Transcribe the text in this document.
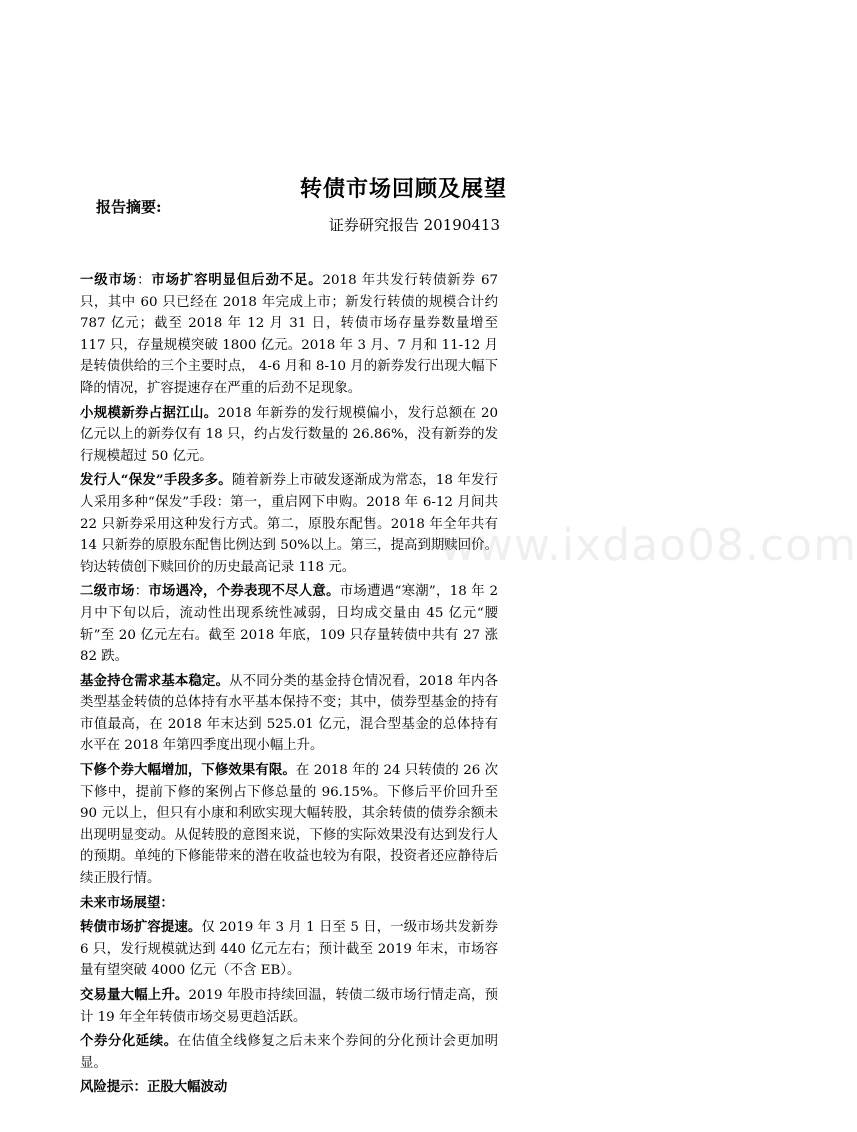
转债市场回顾及展望
报告摘要:
证券研究报告 20190413
www.ixdao08.com

一级市场：市场扩容明显但后劲不足。2018 年共发行转债新券 67 只，其中 60 只已经在 2018 年完成上市；新发行转债的规模合计约 787 亿元；截至 2018 年 12 月 31 日，转债市场存量券数量增至 117 只，存量规模突破 1800 亿元。2018 年 3 月、7 月和 11-12 月是转债供给的三个主要时点， 4-6 月和 8-10 月的新券发行出现大幅下降的情况，扩容提速存在严重的后劲不足现象。

小规模新券占据江山。2018 年新券的发行规模偏小，发行总额在 20 亿元以上的新券仅有 18 只，约占发行数量的 26.86%，没有新券的发行规模超过 50 亿元。

发行人“保发”手段多多。随着新券上市破发逐渐成为常态，18 年发行人采用多种“保发”手段：第一，重启网下申购。2018 年 6-12 月间共 22 只新券采用这种发行方式。第二，原股东配售。2018 年全年共有 14 只新券的原股东配售比例达到 50%以上。第三，提高到期赎回价。钧达转债创下赎回价的历史最高记录 118 元。

二级市场：市场遇冷，个券表现不尽人意。市场遭遇“寒潮”，18 年 2 月中下旬以后，流动性出现系统性减弱，日均成交量由 45 亿元“腰斩”至 20 亿元左右。截至 2018 年底，109 只存量转债中共有 27 涨 82 跌。

基金持仓需求基本稳定。从不同分类的基金持仓情况看，2018 年内各类型基金转债的总体持有水平基本保持不变；其中，债券型基金的持有市值最高，在 2018 年末达到 525.01 亿元，混合型基金的总体持有水平在 2018 年第四季度出现小幅上升。

下修个券大幅增加，下修效果有限。在 2018 年的 24 只转债的 26 次下修中，提前下修的案例占下修总量的 96.15%。下修后平价回升至 90 元以上，但只有小康和利欧实现大幅转股，其余转债的债券余额未出现明显变动。从促转股的意图来说，下修的实际效果没有达到发行人的预期。单纯的下修能带来的潜在收益也较为有限，投资者还应静待后续正股行情。

未来市场展望：

转债市场扩容提速。仅 2019 年 3 月 1 日至 5 日，一级市场共发新券 6 只，发行规模就达到 440 亿元左右；预计截至 2019 年末，市场容量有望突破 4000 亿元（不含 EB）。

交易量大幅上升。2019 年股市持续回温，转债二级市场行情走高，预计 19 年全年转债市场交易更趋活跃。

个券分化延续。在估值全线修复之后未来个券间的分化预计会更加明显。

风险提示：正股大幅波动
